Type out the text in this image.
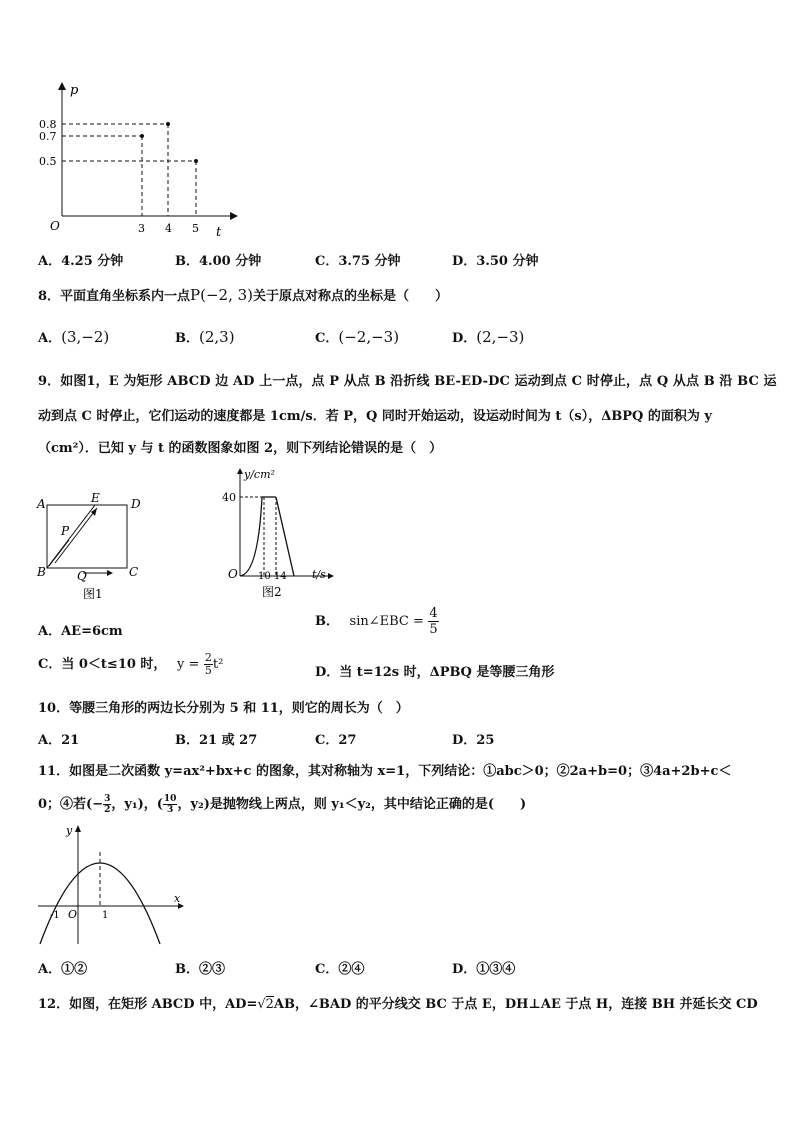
p
t
O
0.8
0.7
0.5
3 4 5
A．4.25 分钟	B．4.00 分钟	C．3.75 分钟	D．3.50 分钟
8．平面直角坐标系内一点P(−2, 3)关于原点对称点的坐标是（　　）
A．(3,−2)	B．(2,3)	C．(−2,−3)	D．(2,−3)
9．如图1，E 为矩形 ABCD 边 AD 上一点，点 P 从点 B 沿折线 BE-ED-DC 运动到点 C 时停止，点 Q 从点 B 沿 BC 运
动到点 C 时停止，它们运动的速度都是 1cm/s．若 P，Q 同时开始运动，设运动时间为 t（s），ΔBPQ 的面积为 y
（cm²）．已知 y 与 t 的函数图象如图 2，则下列结论错误的是（　）
A	E	D
P
B	Q	C
图1
y/cm²
40
O 10 14 t/s
图2
A．AE=6cm
B． sin∠EBC = $\frac{4}{5}$
C．当 0＜t≤10 时， $y = \frac{2}{5} t^2$
D．当 t=12s 时，ΔPBQ 是等腰三角形
10．等腰三角形的两边长分别为 5 和 11，则它的周长为（　）
A．21	B．21 或 27	C．27	D．25
11．如图是二次函数 y=ax²+bx+c 的图象，其对称轴为 x=1，下列结论：①abc＞0；②2a+b=0；③4a+2b+c＜
0；④若(− $\frac{3}{2}$ ，y₁)，( $\frac{10}{3}$ ，y₂)是抛物线上两点，则 y₁＜y₂，其中结论正确的是(　　)
y
x
O
-1	1
A．①②	B．②③	C．②④	D．①③④
12．如图，在矩形 ABCD 中，AD=√2AB，∠BAD 的平分线交 BC 于点 E，DH⊥AE 于点 H，连接 BH 并延长交 CD
